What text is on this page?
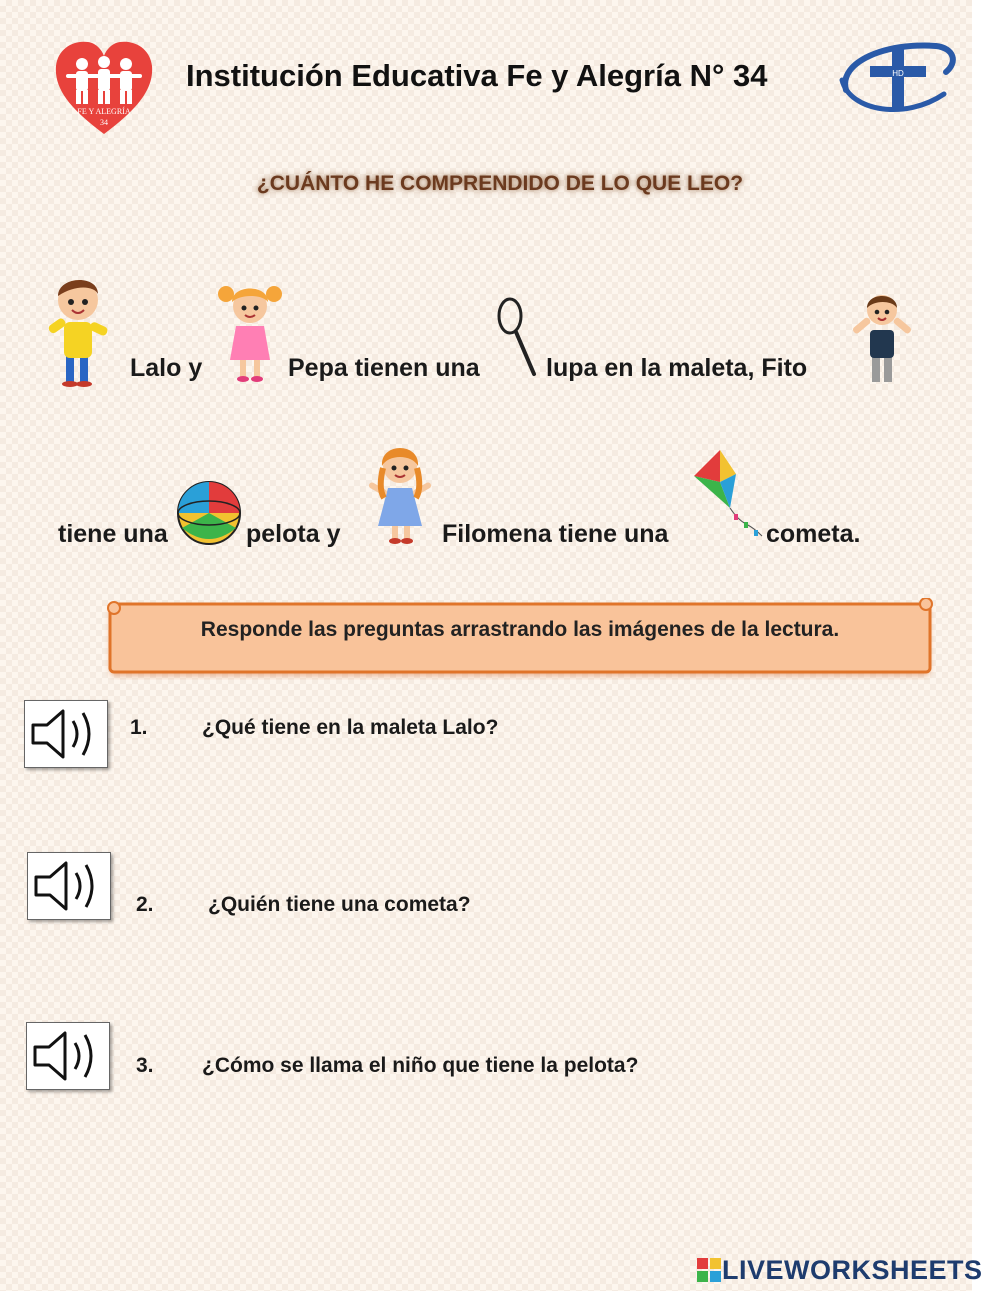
FE Y ALEGRÍA
34
Institución Educativa Fe y Alegría N° 34	HD
¿CUÁNTO HE COMPRENDIDO DE LO QUE LEO?
Lalo y	Pepa tienen una	lupa en la maleta, Fito
tiene una	pelota y	Filomena tiene una	cometa.
Responde las preguntas arrastrando las imágenes de la lectura.
1.	¿Qué tiene en la maleta Lalo?
2.	¿Quién tiene una cometa?
3. ¿Cómo se llama el niño que tiene la pelota?
LIVEWORKSHEETS
